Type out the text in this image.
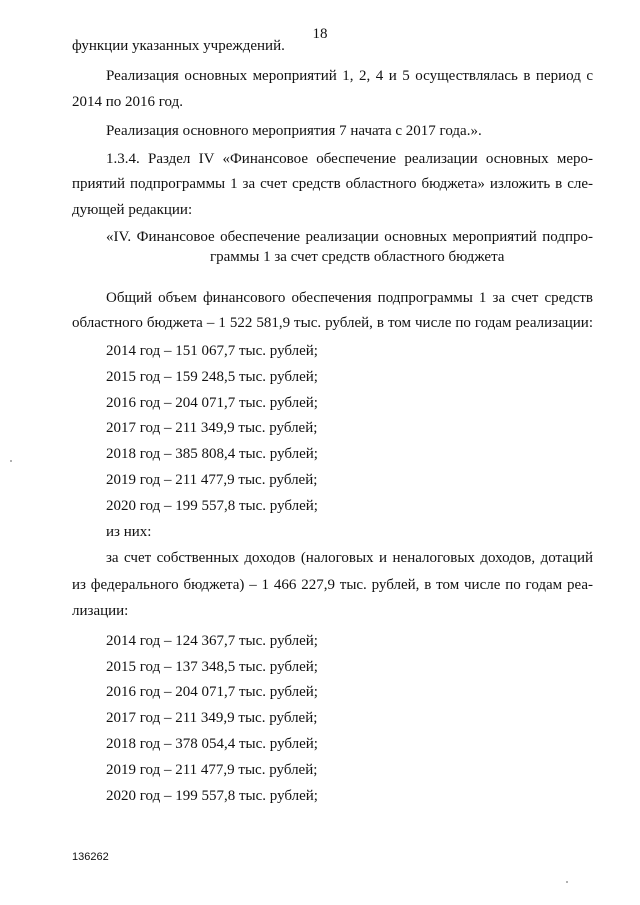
18
функции указанных учреждений.
Реализация основных мероприятий 1, 2, 4 и 5 осуществлялась в период с
2014 по 2016 год.
Реализация основного мероприятия 7 начата с 2017 года.».
1.3.4. Раздел IV «Финансовое обеспечение реализации основных меро-
приятий подпрограммы 1 за счет средств областного бюджета» изложить в сле-
дующей редакции:
«IV. Финансовое обеспечение реализации основных мероприятий подпро-
граммы 1 за счет средств областного бюджета
Общий объем финансового обеспечения подпрограммы 1 за счет средств
областного бюджета – 1 522 581,9 тыс. рублей, в том числе по годам реализации:
2014 год – 151 067,7 тыс. рублей;
2015 год – 159 248,5 тыс. рублей;
2016 год – 204 071,7 тыс. рублей;
2017 год – 211 349,9 тыс. рублей;
2018 год – 385 808,4 тыс. рублей;
2019 год – 211 477,9 тыс. рублей;
2020 год – 199 557,8 тыс. рублей;
из них:
за счет собственных доходов (налоговых и неналоговых доходов, дотаций
из федерального бюджета) – 1 466 227,9 тыс. рублей, в том числе по годам реа-
лизации:
2014 год – 124 367,7 тыс. рублей;
2015 год – 137 348,5 тыс. рублей;
2016 год – 204 071,7 тыс. рублей;
2017 год – 211 349,9 тыс. рублей;
2018 год – 378 054,4 тыс. рублей;
2019 год – 211 477,9 тыс. рублей;
2020 год – 199 557,8 тыс. рублей;
136262
